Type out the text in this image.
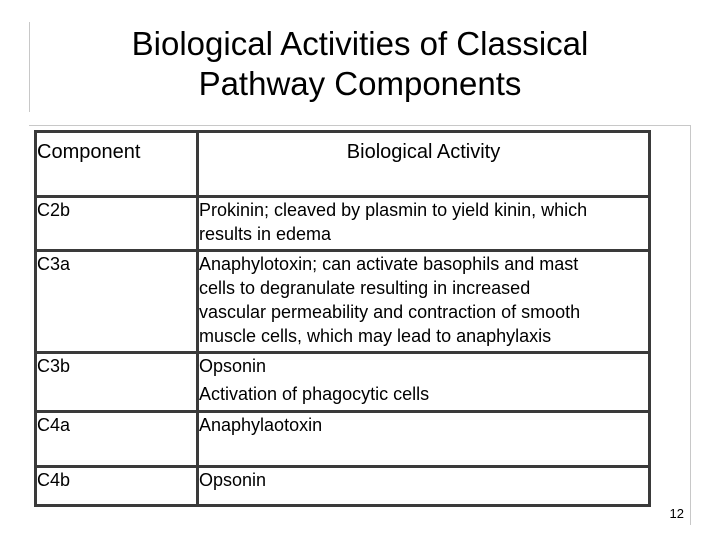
Biological Activities of Classical
Pathway Components
Component	Biological Activity
C2b	Prokinin; cleaved by plasmin to yield kinin, which
results in edema

C3a	Anaphylotoxin; can activate basophils and mast
cells to degranulate resulting in increased
vascular permeability and contraction of smooth
muscle cells, which may lead to anaphylaxis

C3b	Opsonin
Activation of phagocytic cells

C4a	Anaphylaotoxin

C4b	Opsonin
12
